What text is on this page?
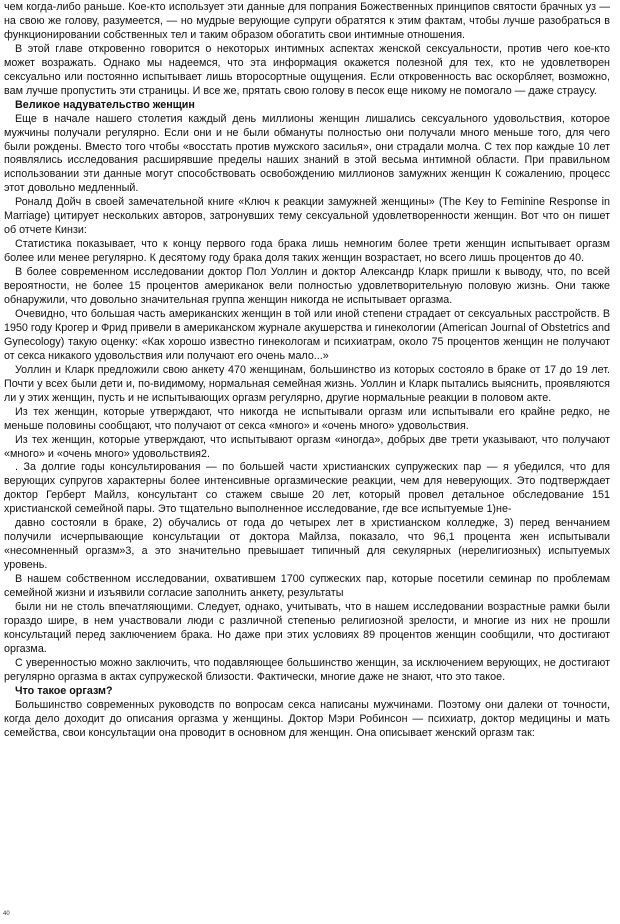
чем когда-либо раньше. Кое-кто использует эти данные для попрания Божественных принципов святости брачных уз — на свою же голову, разумеется, — но мудрые верующие супруги обратятся к этим фактам, чтобы лучше разобраться в функционировании собственных тел и таким образом обогатить свои интимные отношения.

В этой главе откровенно говорится о некоторых интимных аспектах женской сексуальности, против чего кое-кто может возражать. Однако мы надеемся, что эта информация окажется полезной для тех, кто не удовлетворен сексуально или постоянно испытывает лишь второсортные ощущения. Если откровенность вас оскорбляет, возможно, вам лучше пропустить эти страницы. И все же, прятать свою голову в песок еще никому не помогало — даже страусу.

Великое надувательство женщин

Еще в начале нашего столетия каждый день миллионы женщин лишались сексуального удовольствия, которое мужчины получали регулярно. Если они и не были обмануты полностью они получали много меньше того, для чего были рождены. Вместо того чтобы «восстать против мужского засилья», они страдали молча. С тех пор каждые 10 лет появлялись исследования расширявшие пределы наших знаний в этой весьма интимной области. При правильном использовании эти данные могут способствовать освобождению миллионов замужних женщин К сожалению, процесс этот довольно медленный.

Роналд Дойч в своей замечательной книге «Ключ к реакции замужней женщины» (The Key to Feminine Response in Marriage) цитирует нескольких авторов, затронувших тему сексуальной удовлетворенности женщин. Вот что он пишет об отчете Кинзи:

Статистика показывает, что к концу первого года брака лишь немногим более трети женщин испытывает оргазм более или менее регулярно. К десятому году брака доля таких женщин возрастает, но всего лишь процентов до 40.

В более современном исследовании доктор Пол Уоллин и доктор Александр Кларк пришли к выводу, что, по всей вероятности, не более 15 процентов американок вели полностью удовлетворительную половую жизнь. Они также обнаружили, что довольно значительная группа женщин никогда не испытывает оргазма.

Очевидно, что большая часть американских женщин в той или иной степени страдает от сексуальных расстройств. В 1950 году Крогер и Фрид привели в американском журнале акушерства и гинекологии (American Journal of Obstetrics and Gynecology) такую оценку: «Как хорошо известно гинекологам и психиатрам, около 75 процентов женщин не получают от секса никакого удовольствия или получают его очень мало...»

Уоллин и Кларк предложили свою анкету 470 женщинам, большинство из которых состояло в браке от 17 до 19 лет. Почти у всех были дети и, по-видимому, нормальная семейная жизнь. Уоллин и Кларк пытались выяснить, проявляются ли у этих женщин, пусть и не испытывающих оргазм регулярно, другие нормальные реакции в половом акте.

Из тех женщин, которые утверждают, что никогда не испытывали оргазм или испытывали его крайне редко, не меньше половины сообщают, что получают от секса «много» и «очень много» удовольствия.

Из тех женщин, которые утверждают, что испытывают оргазм «иногда», добрых две трети указывают, что получают «много» и «очень много» удовольствия2.

. За долгие годы консультирования — по большей части христианских супружеских пар — я убедился, что для верующих супругов характерны более интенсивные оргазмические реакции, чем для неверующих. Это подтверждает доктор Герберт Майлз, консультант со стажем свыше 20 лет, который провел детальное обследование 151 христианской семейной пары. Это тщательно выполненное исследование, где все испытуемые 1)не-

давно состояли в браке, 2) обучались от года до четырех лет в христианском колледже, 3) перед венчанием получили исчерпывающие консультации от доктора Майлза, показало, что 96,1 процента жен испытывали «несомненный оргазм»3, а это значительно превышает типичный для секулярных (нерелигиозных) испытуемых уровень.

В нашем собственном исследовании, охватившем 1700 супжеских пар, которые посетили семинар по проблемам семейной жизни и изъявили согласие заполнить анкету, результаты

были ни не столь впечатляющими. Следует, однако, учитывать, что в нашем исследовании возрастные рамки были гораздо шире, в нем участвовали люди с различной степенью религиозной зрелости, и многие из них не прошли консультаций перед заключением брака. Но даже при этих условиях 89 процентов женщин сообщили, что достигают оргазма.

С уверенностью можно заключить, что подавляющее большинство женщин, за исключением верующих, не достигают регулярно оргазма в актах супружеской близости. Фактически, многие даже не знают, что это такое.

Что такое оргазм?

Большинство современных руководств по вопросам секса написаны мужчинами. Поэтому они далеки от точности, когда дело доходит до описания оргазма у женщины. Доктор Мэри Робинсон — психиатр, доктор медицины и мать семейства, свои консультации она проводит в основном для женщин. Она описывает женский оргазм так:

40
